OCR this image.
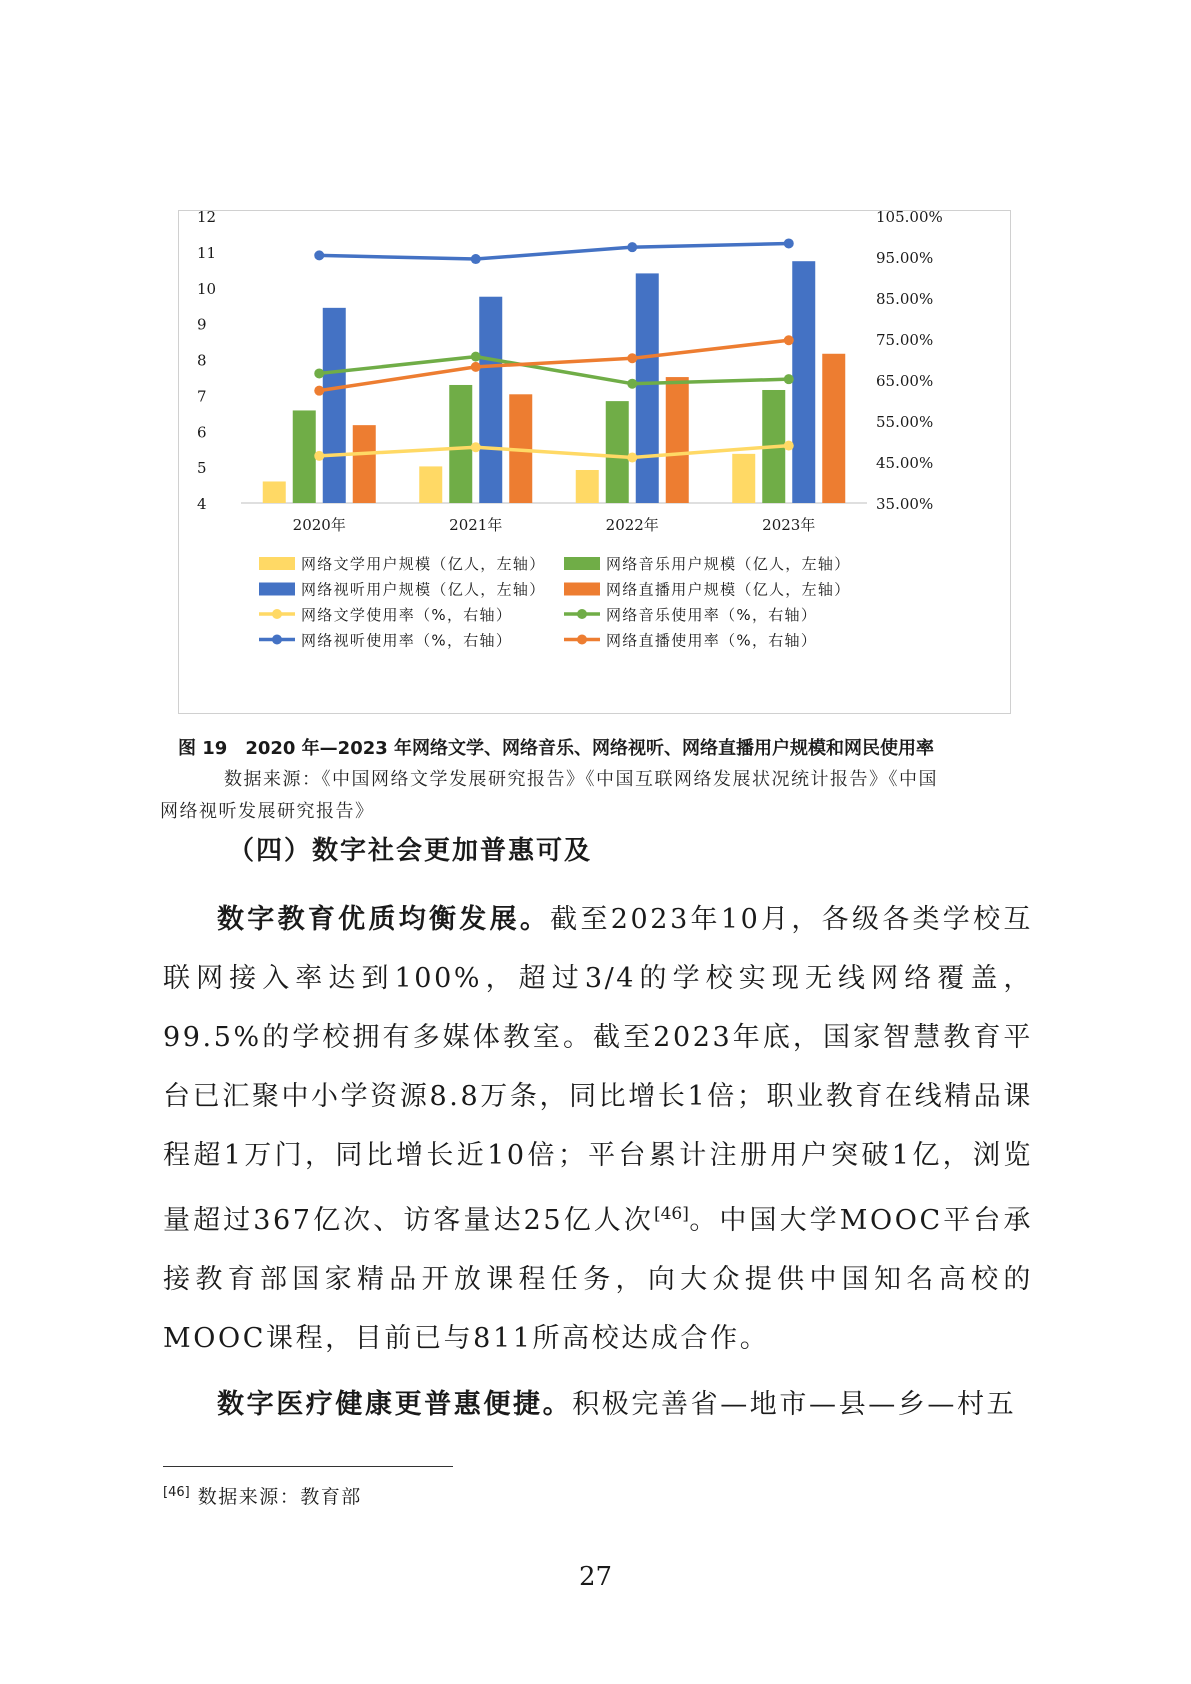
12
11
10
9
8
7
6
5
4
105.00%
95.00%
85.00%
75.00%
65.00%
55.00%
45.00%
35.00%
2020年	2021年	2022年	2023年
网络文学用户规模（亿人，左轴）	网络音乐用户规模（亿人，左轴）
网络视听用户规模（亿人，左轴）	网络直播用户规模（亿人，左轴）
网络文学使用率（%，右轴）	网络音乐使用率（%，右轴）
网络视听使用率（%，右轴）	网络直播使用率（%，右轴）
图 19　2020 年—2023 年网络文学、网络音乐、网络视听、网络直播用户规模和网民使用率
数据来源：《中国网络文学发展研究报告》《中国互联网络发展状况统计报告》《中国
网络视听发展研究报告》
（四）数字社会更加普惠可及

数字教育优质均衡发展。截至2023年10月，各级各类学校互联网接入率达到100%，超过3/4的学校实现无线网络覆盖，99.5%的学校拥有多媒体教室。截至2023年底，国家智慧教育平台已汇聚中小学资源8.8万条，同比增长1倍；职业教育在线精品课程超1万门，同比增长近10倍；平台累计注册用户突破1亿，浏览量超过367亿次、访客量达25亿人次[46]。中国大学MOOC平台承接教育部国家精品开放课程任务，向大众提供中国知名高校的MOOC课程，目前已与811所高校达成合作。

数字医疗健康更普惠便捷。积极完善省—地市—县—乡—村五

[46] 数据来源：教育部
27
